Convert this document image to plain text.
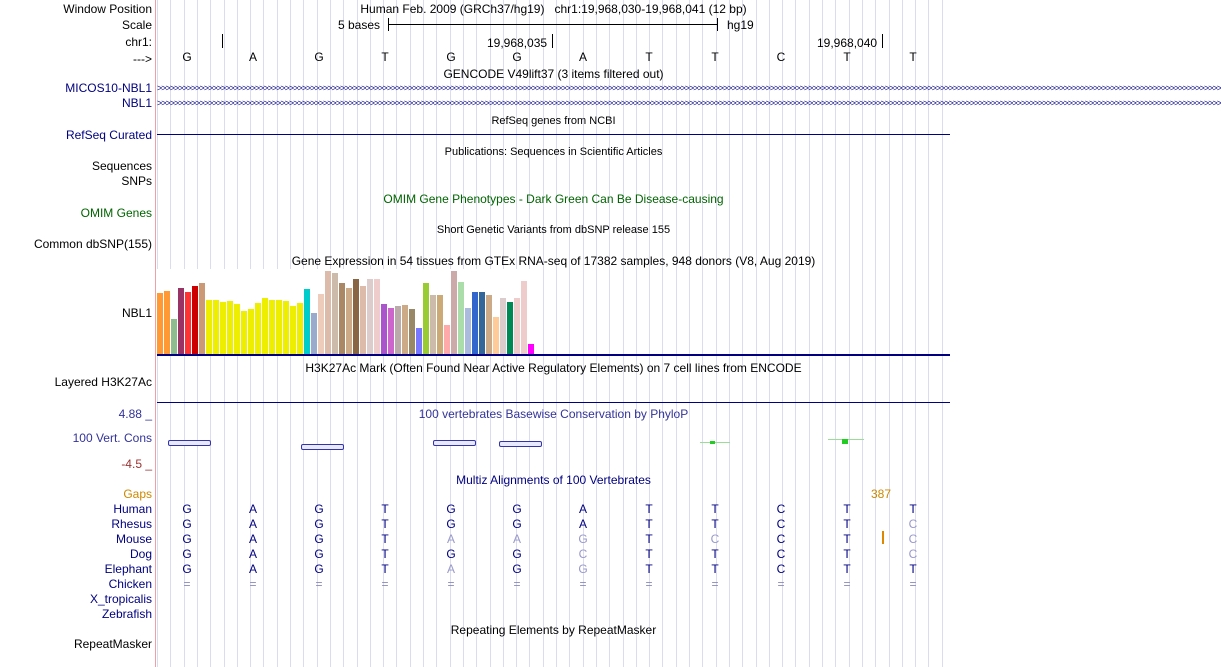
Window Position	Human Feb. 2009 (GRCh37/hg19)   chr1:19,968,030-19,968,041 (12 bp)
Scale	5 bases	hg19
chr1:	19,968,035	19,968,040
--->	G	A	G	T	G	G	A	T	T	C	T	T
GENCODE V49lift37 (3 items filtered out)
MICOS10-NBL1 >>>>>>>>>>>>>>>>>>>>>>>>>>>>>>>>>>>>>>>>>>>>>>>>>>>>>>>>>>>>>>>>>>>>>>>>>>>>>>>>>>>>>>>>>>>>>>>>>>>>>>>>>>>>>>>>>>>>>>>>>>>>>>>>>>>>>>>>>>>>>>>>>>>>>>>>>>>>>>>>>>>>>>>>>>>>>>>>>>>>>>>>>>>>>>>>>>>>>>>>>>>>>>>>>>>>>>>>>>>>>>>>>>>>>>>>>>>>>>>>>>>>>>>>>>
NBL1 >>>>>>>>>>>>>>>>>>>>>>>>>>>>>>>>>>>>>>>>>>>>>>>>>>>>>>>>>>>>>>>>>>>>>>>>>>>>>>>>>>>>>>>>>>>>>>>>>>>>>>>>>>>>>>>>>>>>>>>>>>>>>>>>>>>>>>>>>>>>>>>>>>>>>>>>>>>>>>>>>>>>>>>>>>>>>>>>>>>>>>>>>>>>>>>>>>>>>>>>>>>>>>>>>>>>>>>>>>>>>>>>>>>>>>>>>>>>>>>>>>>>>>>>>>
RefSeq genes from NCBI
RefSeq Curated
Publications: Sequences in Scientific Articles
Sequences
SNPs
OMIM Gene Phenotypes - Dark Green Can Be Disease-causing
OMIM Genes
Short Genetic Variants from dbSNP release 155
Common dbSNP(155)
Gene Expression in 54 tissues from GTEx RNA-seq of 17382 samples, 948 donors (V8, Aug 2019)
NBL1
H3K27Ac Mark (Often Found Near Active Regulatory Elements) on 7 cell lines from ENCODE
Layered H3K27Ac
100 vertebrates Basewise Conservation by PhyloP
4.88 _
100 Vert. Cons
-4.5 _
Multiz Alignments of 100 Vertebrates
Gaps	387
Human	G	A	G	T	G	G	A	T	T	C	T	T
Rhesus	G	A	G	T	G	G	A	T	T	C	T	C
Mouse	G	A	G	T	A	A	G	T	C	C	T	C
Dog	G	A	G	T	G	G	C	T	T	C	T	C
Elephant	G	A	G	T	A	G	G	T	T	C	T	T
Chicken	=	=	=	=	=	=	=	=	=	=	=	=
X_tropicalis
Zebrafish
Repeating Elements by RepeatMasker
RepeatMasker
